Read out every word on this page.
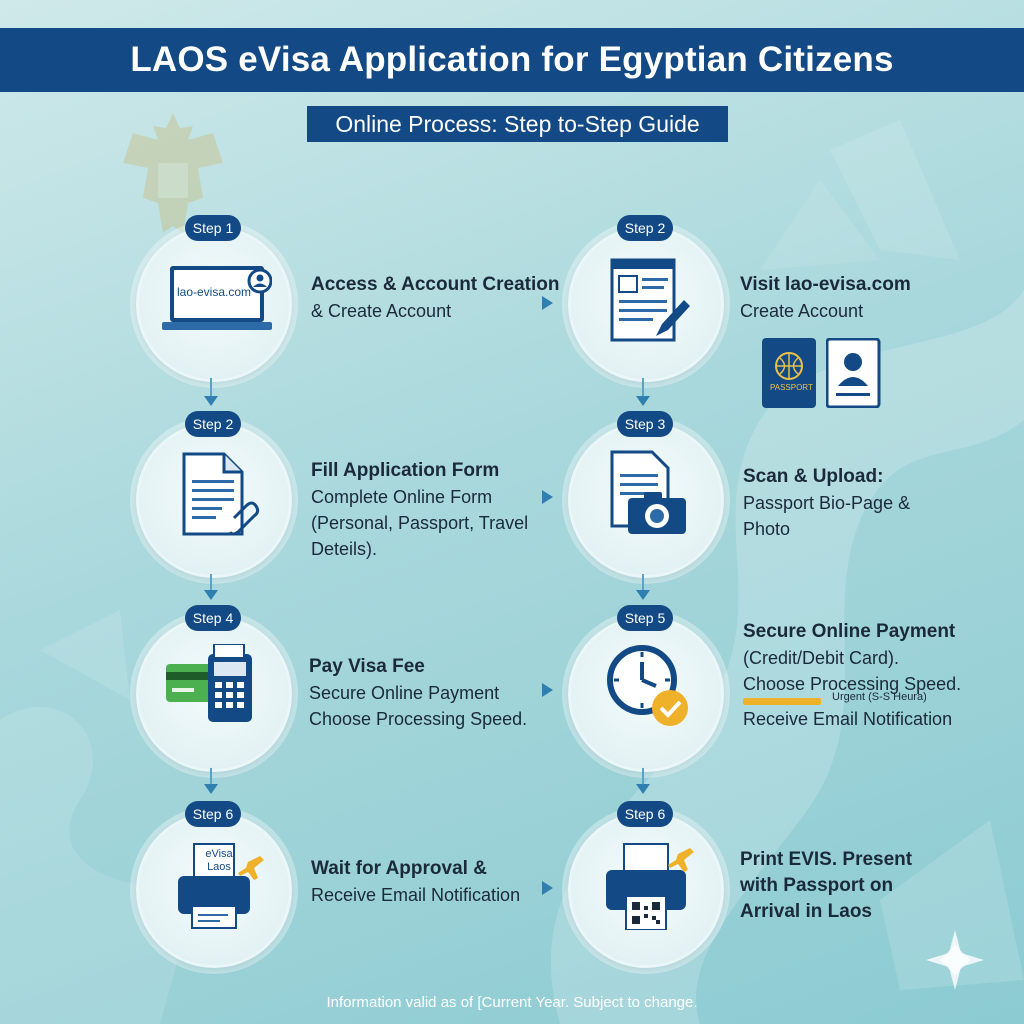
LAOS eVisa Application for Egyptian Citizens
Online Process: Step to-Step Guide
Step 1
lao-evisa.com	Access & Account Creation
& Create Account
Step 2
Visit lao-evisa.com
Create Account
PASSPORT
Step 2
Fill Application Form
Complete Online Form
(Personal, Passport, Travel
Deteils).
Step 3
Scan & Upload:
Passport Bio-Page &
Photo
Step 4
Pay Visa Fee
Secure Online Payment
Choose Processing Speed.
Step 5
Secure Online Payment
(Credit/Debit Card).
Choose Processing Speed.
Urgent (S-S Heura)
Receive Email Notification
Step 6
eVisa
Laos	Wait for Approval &
Receive Email Notification
Step 6
Print EVIS. Present
with Passport on
Arrival in Laos
Information valid as of [Current Year. Subject to change.
